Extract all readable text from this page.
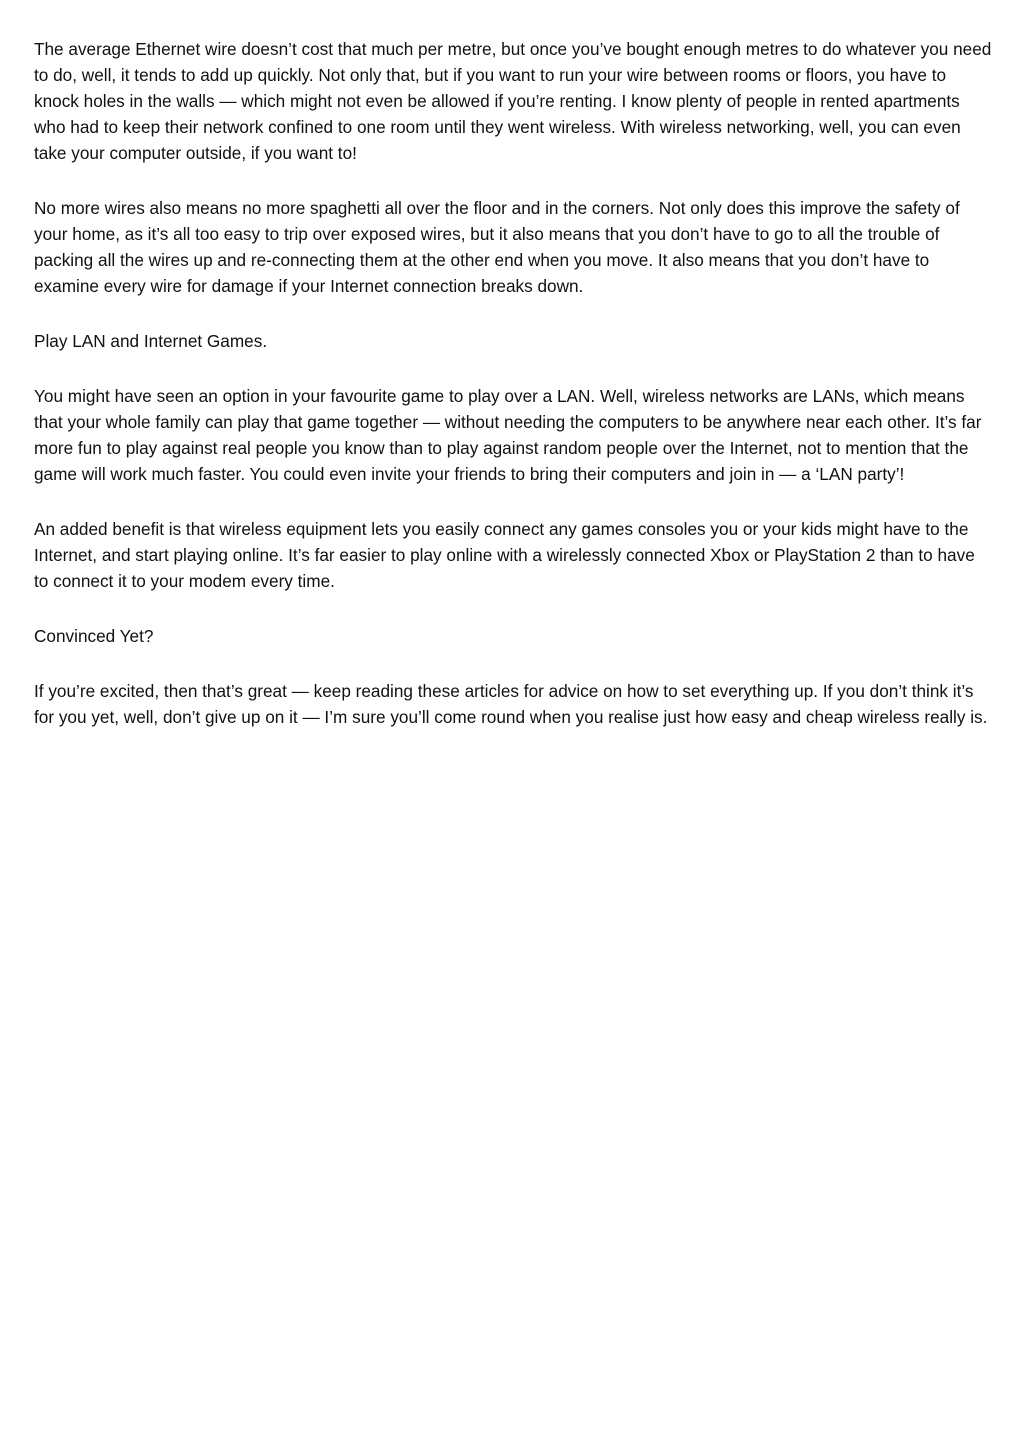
The average Ethernet wire doesn’t cost that much per metre, but once you’ve bought enough metres to do whatever you need to do, well, it tends to add up quickly. Not only that, but if you want to run your wire between rooms or floors, you have to knock holes in the walls — which might not even be allowed if you’re renting. I know plenty of people in rented apartments who had to keep their network confined to one room until they went wireless. With wireless networking, well, you can even take your computer outside, if you want to!

No more wires also means no more spaghetti all over the floor and in the corners. Not only does this improve the safety of your home, as it’s all too easy to trip over exposed wires, but it also means that you don’t have to go to all the trouble of packing all the wires up and re-connecting them at the other end when you move. It also means that you don’t have to examine every wire for damage if your Internet connection breaks down.

Play LAN and Internet Games.

You might have seen an option in your favourite game to play over a LAN. Well, wireless networks are LANs, which means that your whole family can play that game together — without needing the computers to be anywhere near each other. It’s far more fun to play against real people you know than to play against random people over the Internet, not to mention that the game will work much faster. You could even invite your friends to bring their computers and join in — a ‘LAN party’!

An added benefit is that wireless equipment lets you easily connect any games consoles you or your kids might have to the Internet, and start playing online. It’s far easier to play online with a wirelessly connected Xbox or PlayStation 2 than to have to connect it to your modem every time.

Convinced Yet?

If you’re excited, then that’s great — keep reading these articles for advice on how to set everything up. If you don’t think it’s for you yet, well, don’t give up on it — I’m sure you’ll come round when you realise just how easy and cheap wireless really is.
